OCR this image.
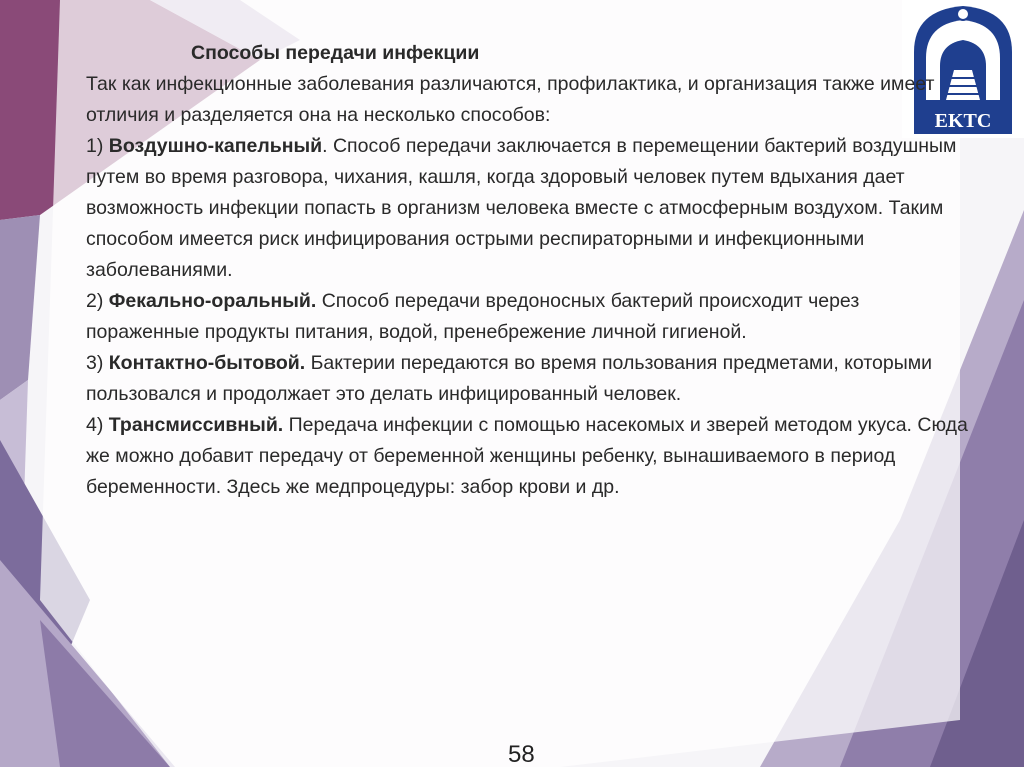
EKTC
Способы передачи инфекции

Так как инфекционные заболевания различаются, профилактика, и организация также имеет отличия и разделяется она на несколько способов:

1) Воздушно-капельный. Способ передачи заключается в перемещении бактерий воздушным путем во время разговора, чихания, кашля, когда здоровый человек путем вдыхания дает возможность инфекции попасть в организм человека вместе с атмосферным воздухом. Таким способом имеется риск инфицирования острыми респираторными и инфекционными заболеваниями.

2) Фекально-оральный. Способ передачи вредоносных бактерий происходит через пораженные продукты питания, водой, пренебрежение личной гигиеной.

3) Контактно-бытовой. Бактерии передаются во время пользования предметами, которыми пользовался и продолжает это делать инфицированный человек.

4) Трансмиссивный. Передача инфекции с помощью насекомых и зверей методом укуса. Сюда же можно добавит передачу от беременной женщины ребенку, вынашиваемого в период беременности. Здесь же медпроцедуры: забор крови и др.

58
